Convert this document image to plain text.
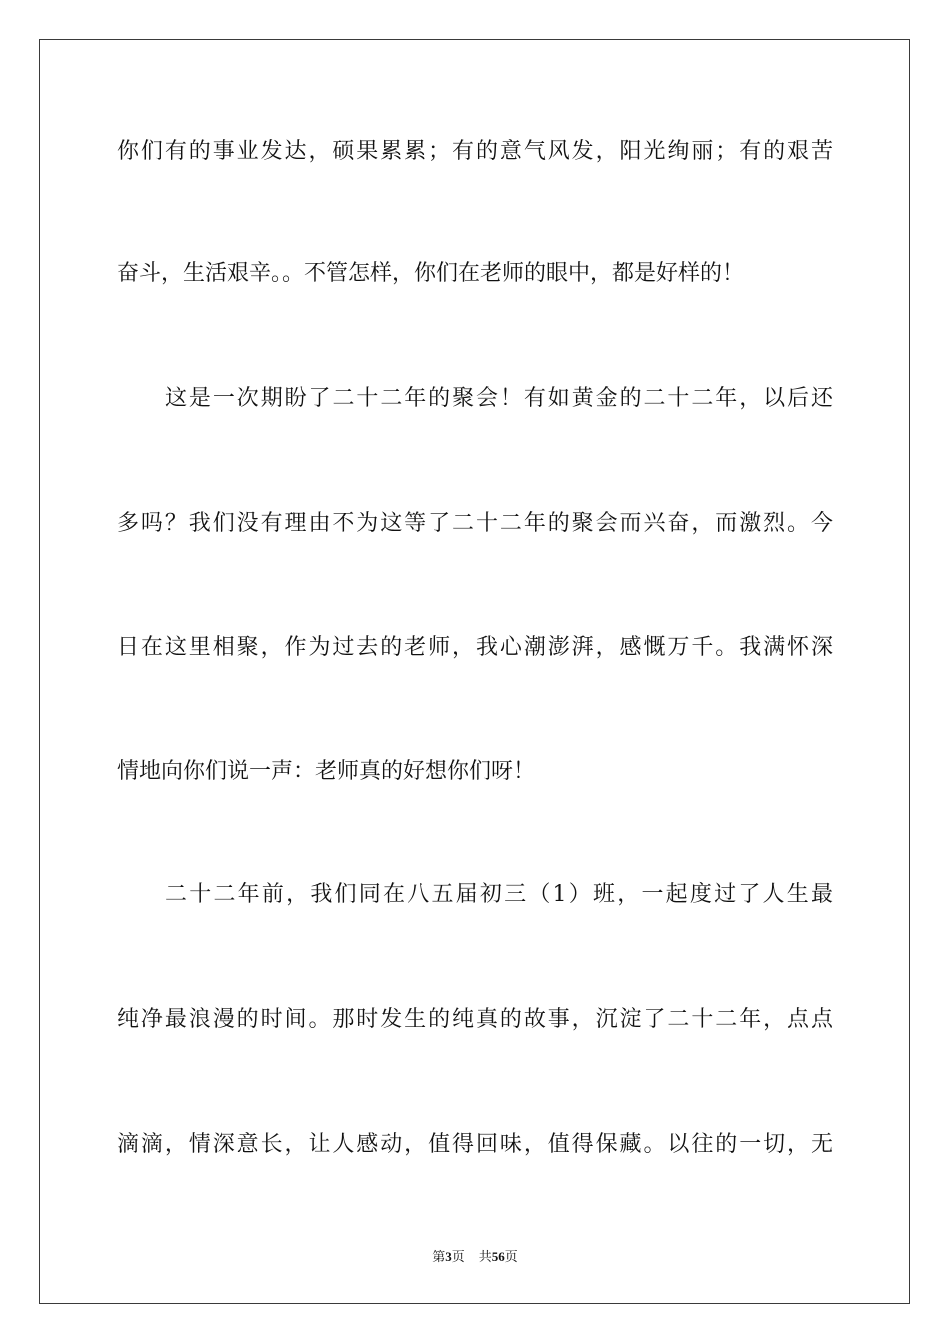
你们有的事业发达，硕果累累；有的意气风发，阳光绚丽；有的艰苦
奋斗，生活艰辛。。不管怎样，你们在老师的眼中，都是好样的！
这是一次期盼了二十二年的聚会！有如黄金的二十二年，以后还
多吗？我们没有理由不为这等了二十二年的聚会而兴奋，而激烈。今
日在这里相聚，作为过去的老师，我心潮澎湃，感慨万千。我满怀深
情地向你们说一声：老师真的好想你们呀！
二十二年前，我们同在八五届初三（1）班，一起度过了人生最
纯净最浪漫的时间。那时发生的纯真的故事，沉淀了二十二年，点点
滴滴，情深意长，让人感动，值得回味，值得保藏。以往的一切，无
第3页 共56页
